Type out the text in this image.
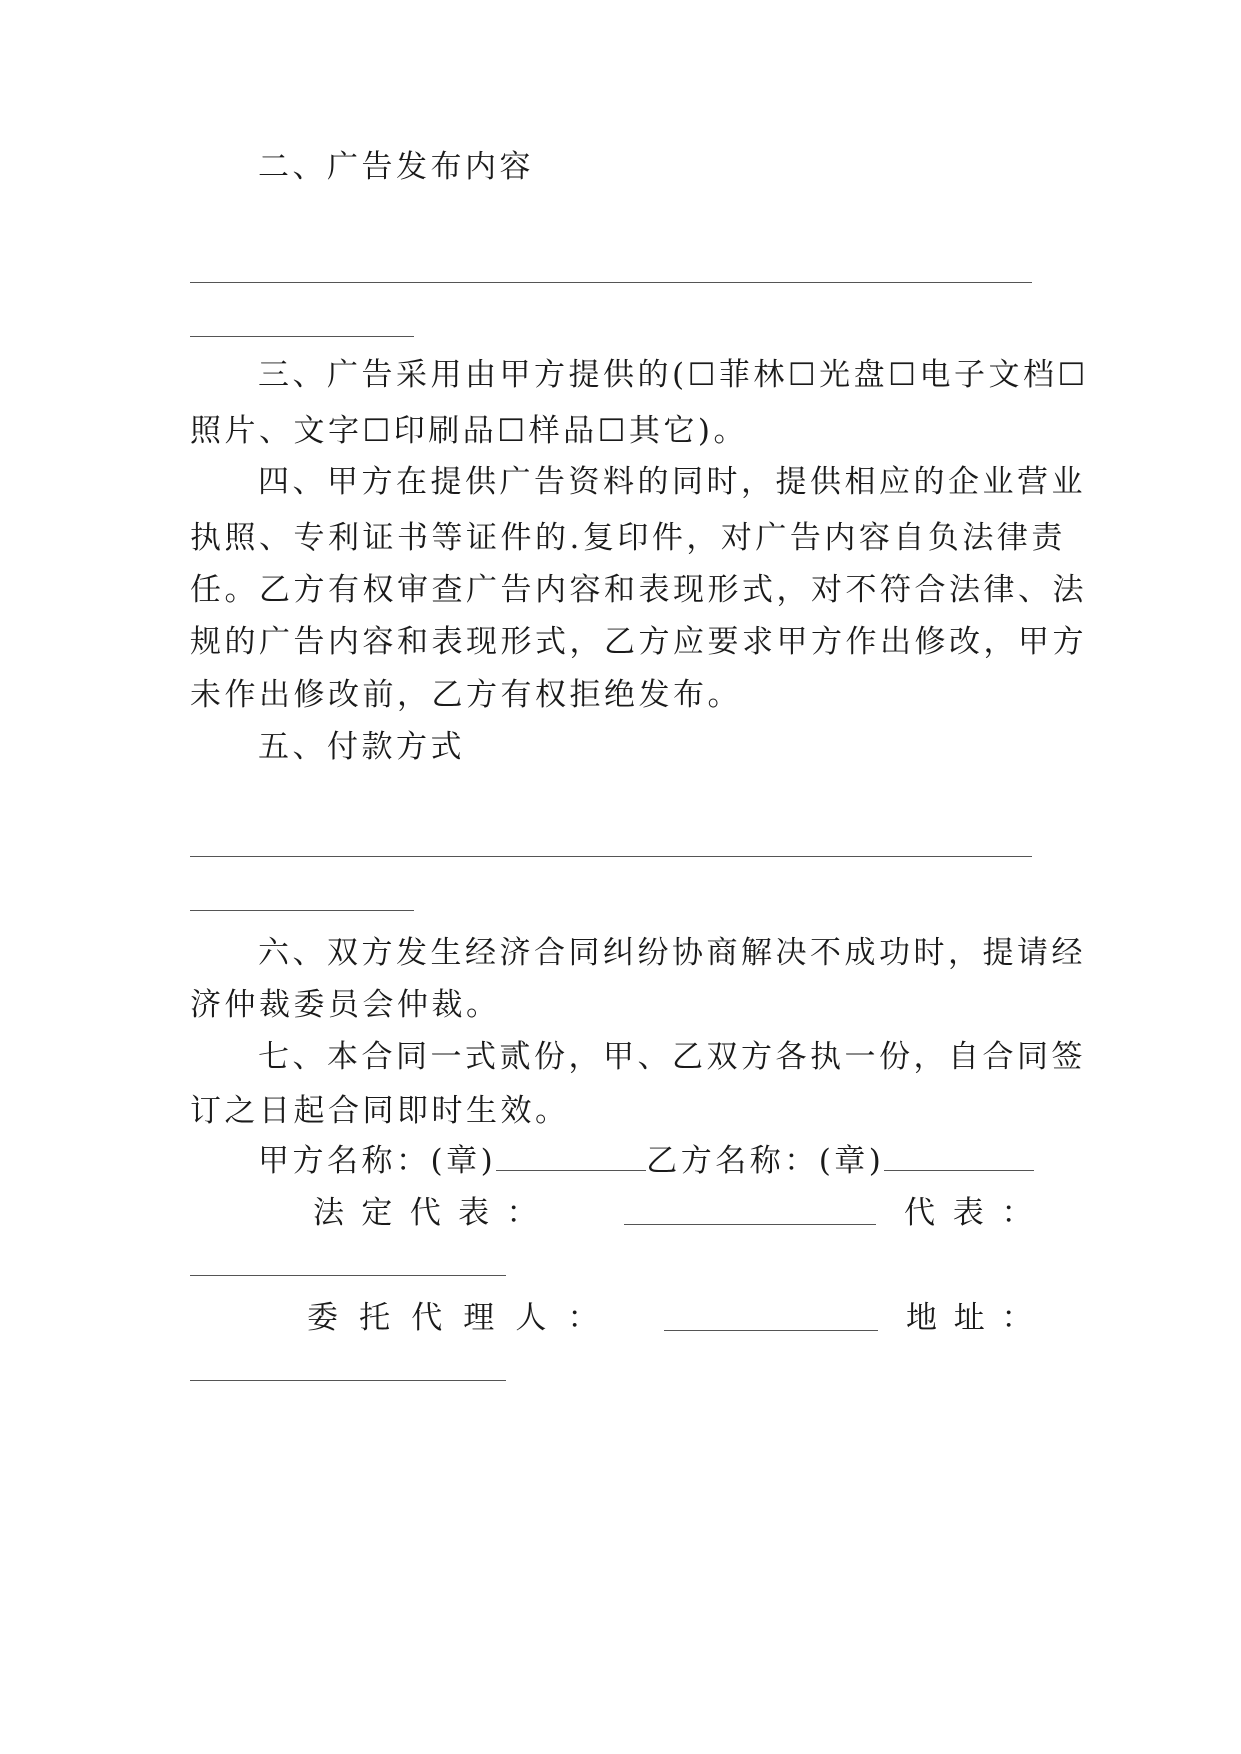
二、广告发布内容
三、广告采用由甲方提供的(☐菲林☐光盘☐电子文档☐
照片、文字☐印刷品☐样品☐其它)。
四、甲方在提供广告资料的同时，提供相应的企业营业
执照、专利证书等证件的.复印件，对广告内容自负法律责
任。乙方有权审查广告内容和表现形式，对不符合法律、法
规的广告内容和表现形式，乙方应要求甲方作出修改，甲方
未作出修改前，乙方有权拒绝发布。
五、付款方式
六、双方发生经济合同纠纷协商解决不成功时，提请经
济仲裁委员会仲裁。
七、本合同一式贰份，甲、乙双方各执一份，自合同签
订之日起合同即时生效。
甲方名称：(章)	乙方名称：(章)
法 定 代 表 ：	代 表 ：
委 托 代 理 人 ：	地 址 ：
